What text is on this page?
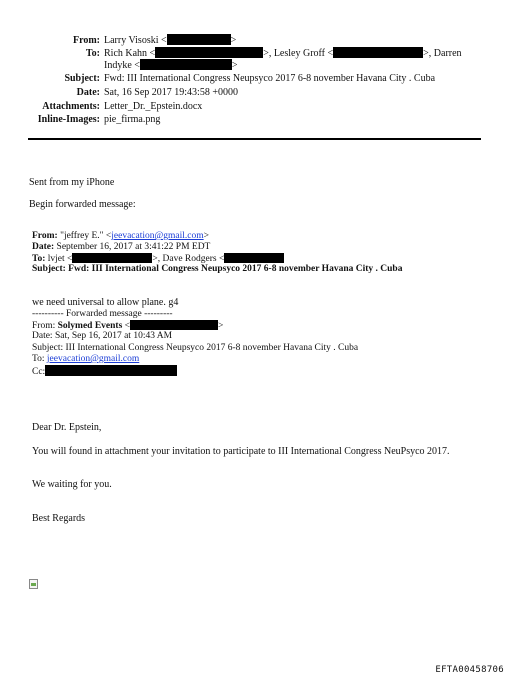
From: Larry Visoski <	>
To: Rich Kahn <	>, Lesley Groff <	>, Darren
Indyke <	>
Subject: Fwd: III International Congress Neupsyco 2017 6-8 november Havana City . Cuba
Date: Sat, 16 Sep 2017 19:43:58 +0000
Attachments: Letter_Dr._Epstein.docx
Inline-Images: pie_firma.png
Sent from my iPhone
Begin forwarded message:
From: "jeffrey E." <jeevacation@gmail.com>
Date: September 16, 2017 at 3:41:22 PM EDT
To: lvjet <	>, Dave Rodgers <
Subject: Fwd: III International Congress Neupsyco 2017 6-8 november Havana City . Cuba
we need universal to allow plane. g4
---------- Forwarded message ---------
From: Solymed Events <	>
Date: Sat, Sep 16, 2017 at 10:43 AM
Subject: III International Congress Neupsyco 2017 6-8 november Havana City . Cuba
To: jeevacation@gmail.com
Cc:
Dear Dr. Epstein,
You will found in attachment your invitation to participate to III International Congress NeuPsyco 2017.
We waiting for you.
Best Regards
EFTA00458706
